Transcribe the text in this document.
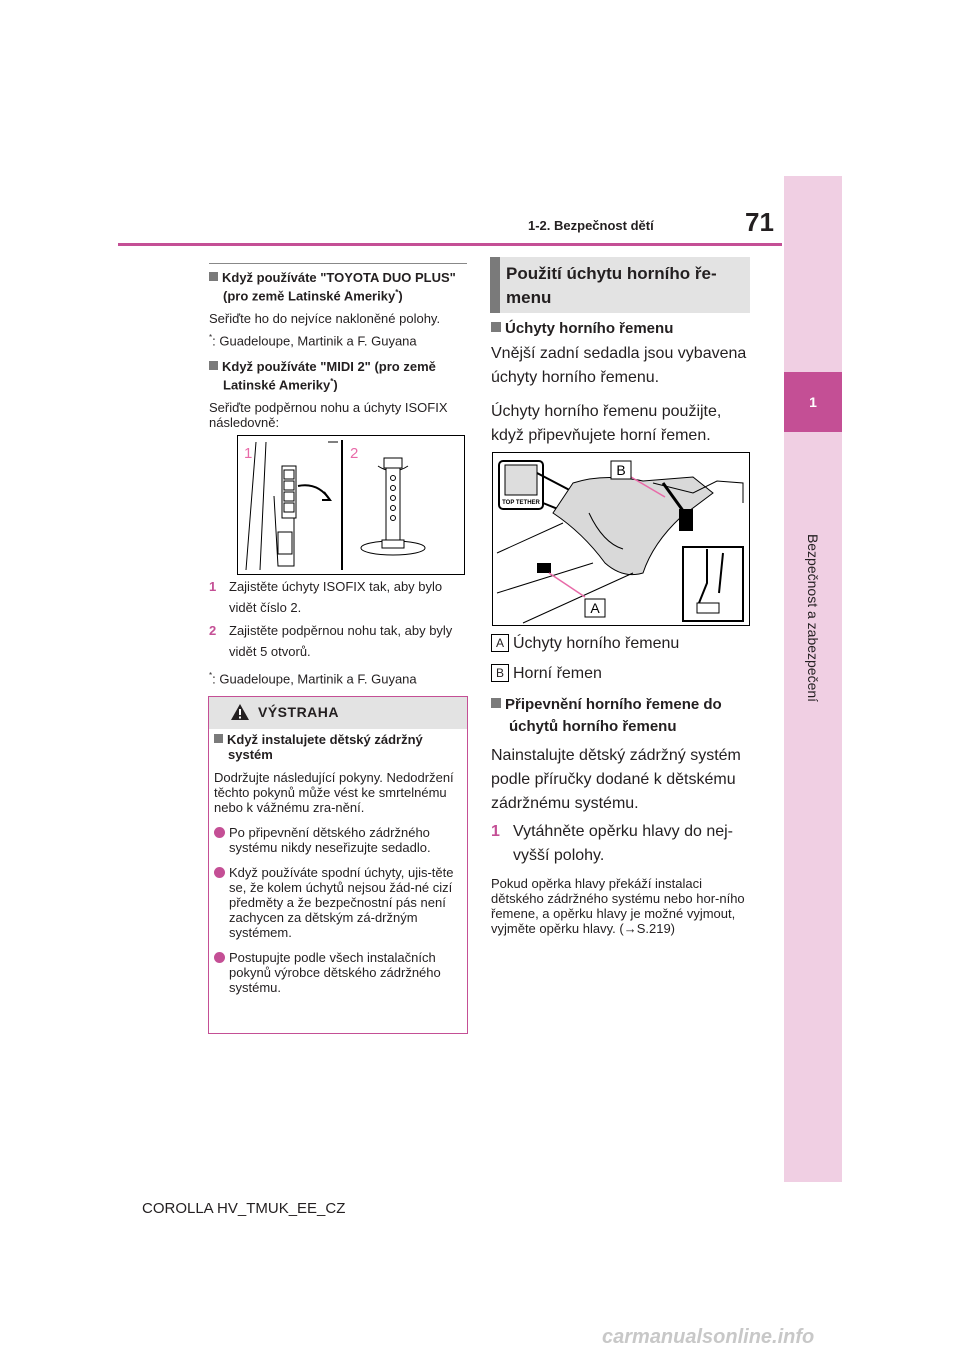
1
Bezpečnost a zabezpečení
1-2. Bezpečnost dětí	71
Když používáte "TOYOTA DUO PLUS" (pro země Latinské Ameriky*)
Seřiďte ho do nejvíce nakloněné polohy.
*: Guadeloupe, Martinik a F. Guyana
Když používáte "MIDI 2" (pro země Latinské Ameriky*)
Seřiďte podpěrnou nohu a úchyty ISOFIX následovně:
1	2
1 Zajistěte úchyty ISOFIX tak, aby bylo vidět číslo 2.
2 Zajistěte podpěrnou nohu tak, aby byly vidět 5 otvorů.
*: Guadeloupe, Martinik a F. Guyana
VÝSTRAHA
Když instalujete dětský zádržný systém
Dodržujte následující pokyny. Nedodržení těchto pokynů může vést ke smrtelnému nebo k vážnému zra-nění.
Po připevnění dětského zádržného systému nikdy neseřizujte sedadlo.
Když používáte spodní úchyty, ujis-těte se, že kolem úchytů nejsou žád-né cizí předměty a že bezpečnostní pás není zachycen za dětským zá-držným systémem.
Postupujte podle všech instalačních pokynů výrobce dětského zádržného systému.
Použití úchytu horního ře-menu
Úchyty horního řemenu
Vnější zadní sedadla jsou vybavena úchyty horního řemenu.
Úchyty horního řemenu použijte, když připevňujete horní řemen.
TOP TETHER
B
A
A Úchyty horního řemenu
B Horní řemen
Připevnění horního řemene do úchytů horního řemenu
Nainstalujte dětský zádržný systém podle příručky dodané k dětskému zádržnému systému.
1 Vytáhněte opěrku hlavy do nej-vyšší polohy.
Pokud opěrka hlavy překáží instalaci dětského zádržného systému nebo hor-ního řemene, a opěrku hlavy je možné vyjmout, vyjměte opěrku hlavy. (→S.219)
COROLLA HV_TMUK_EE_CZ
carmanualsonline.info
